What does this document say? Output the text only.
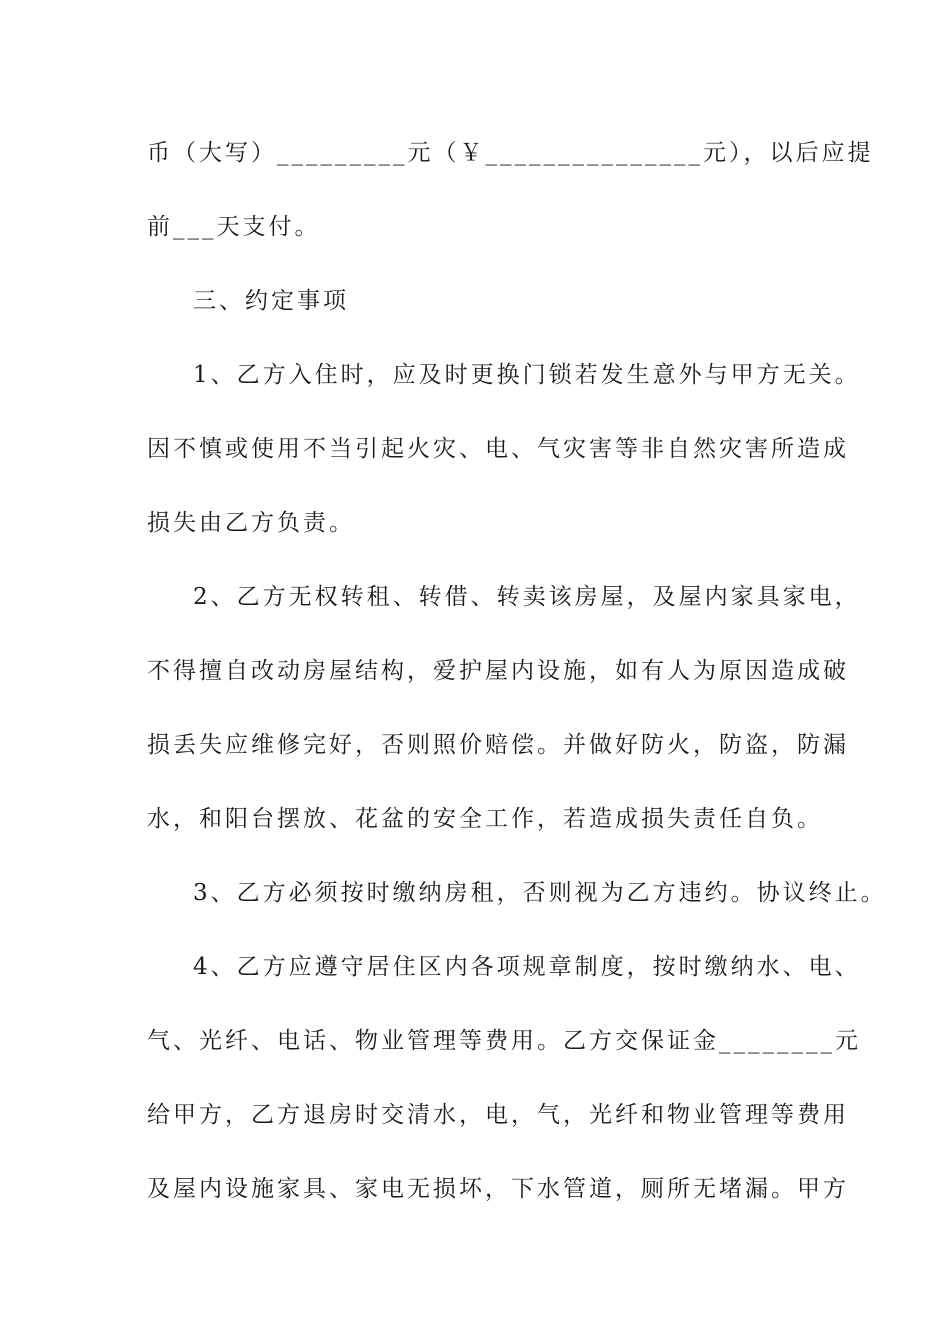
币（大写）_________元（￥_______________元），以后应提
前___天支付。
三、约定事项
1、乙方入住时，应及时更换门锁若发生意外与甲方无关。
因不慎或使用不当引起火灾、电、气灾害等非自然灾害所造成
损失由乙方负责。
2、乙方无权转租、转借、转卖该房屋，及屋内家具家电，
不得擅自改动房屋结构，爱护屋内设施，如有人为原因造成破
损丢失应维修完好，否则照价赔偿。并做好防火，防盗，防漏
水，和阳台摆放、花盆的安全工作，若造成损失责任自负。
3、乙方必须按时缴纳房租，否则视为乙方违约。协议终止。
4、乙方应遵守居住区内各项规章制度，按时缴纳水、电、
气、光纤、电话、物业管理等费用。乙方交保证金________元
给甲方，乙方退房时交清水，电，气，光纤和物业管理等费用
及屋内设施家具、家电无损坏，下水管道，厕所无堵漏。甲方
